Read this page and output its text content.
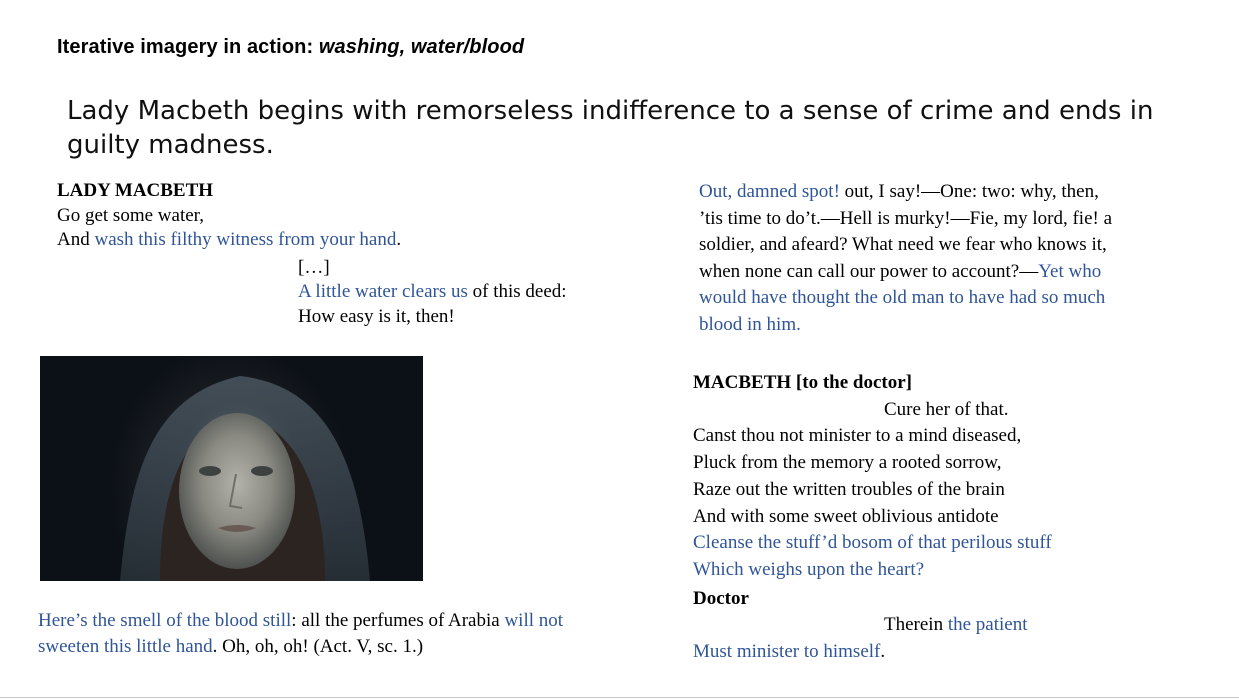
Iterative imagery in action: washing, water/blood
Lady Macbeth begins with remorseless indifference to a sense of crime and ends in guilty madness.
LADY MACBETH
Go get some water,
And wash this filthy witness from your hand.
[…]
A little water clears us of this deed:
How easy is it, then!
Out, damned spot! out, I say!—One: two: why, then,
’tis time to do’t.—Hell is murky!—Fie, my lord, fie! a
soldier, and afeard? What need we fear who knows it,
when none can call our power to account?—Yet who
would have thought the old man to have had so much
blood in him.
MACBETH [to the doctor]
Cure her of that.
Canst thou not minister to a mind diseased,
Pluck from the memory a rooted sorrow,
Raze out the written troubles of the brain
And with some sweet oblivious antidote
Cleanse the stuff’d bosom of that perilous stuff
Which weighs upon the heart?
Doctor
Therein the patient
Must minister to himself.
Here’s the smell of the blood still: all the perfumes of Arabia will not
sweeten this little hand. Oh, oh, oh! (Act. V, sc. 1.)
